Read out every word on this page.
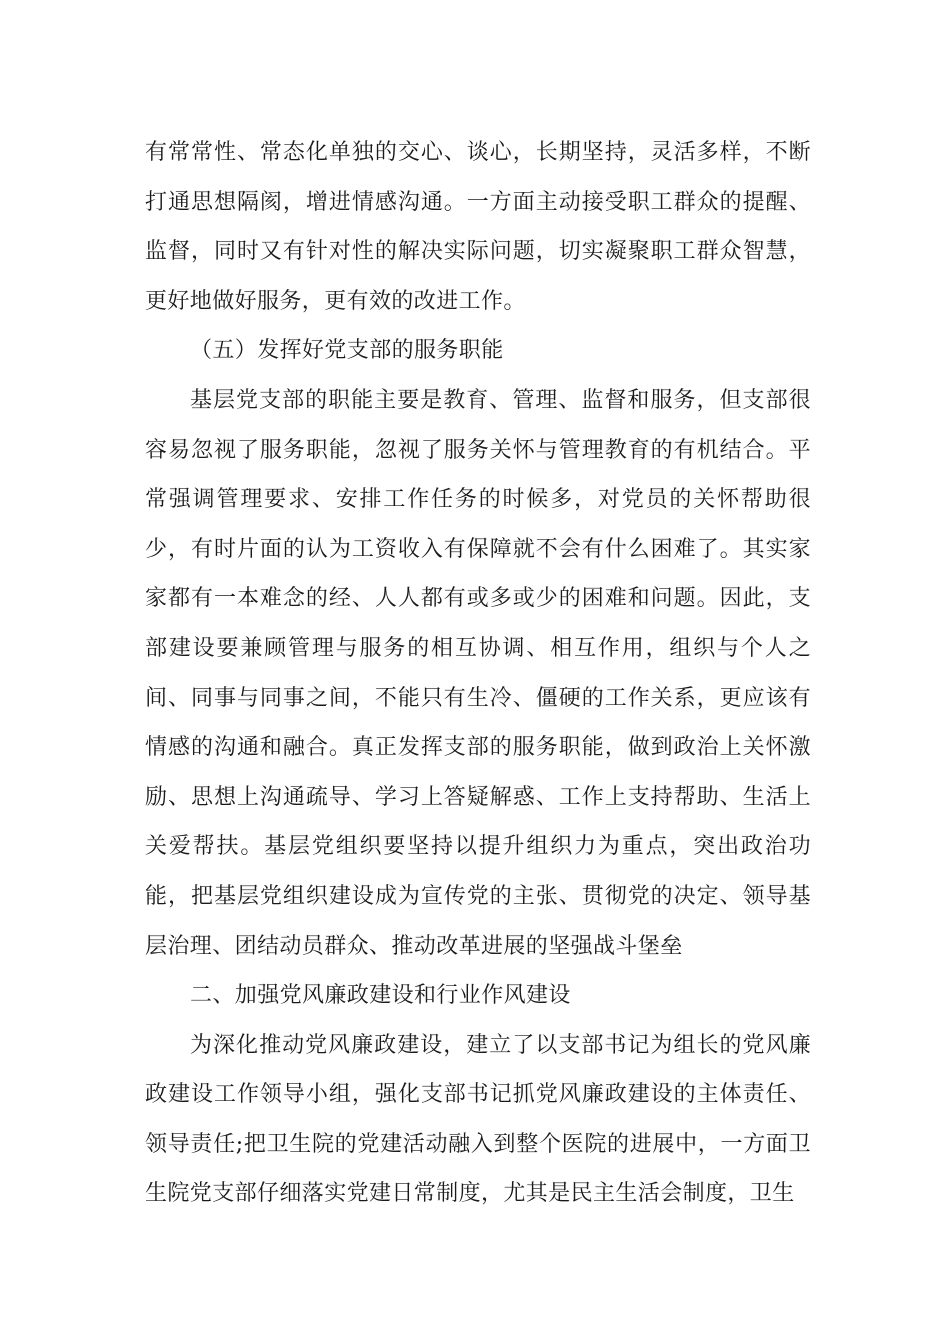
有常常性、常态化单独的交心、谈心，长期坚持，灵活多样，不断打通思想隔阂，增进情感沟通。一方面主动接受职工群众的提醒、监督，同时又有针对性的解决实际问题，切实凝聚职工群众智慧，更好地做好服务，更有效的改进工作。

（五）发挥好党支部的服务职能

基层党支部的职能主要是教育、管理、监督和服务，但支部很容易忽视了服务职能，忽视了服务关怀与管理教育的有机结合。平常强调管理要求、安排工作任务的时候多，对党员的关怀帮助很少，有时片面的认为工资收入有保障就不会有什么困难了。其实家家都有一本难念的经、人人都有或多或少的困难和问题。因此，支部建设要兼顾管理与服务的相互协调、相互作用，组织与个人之间、同事与同事之间，不能只有生冷、僵硬的工作关系，更应该有情感的沟通和融合。真正发挥支部的服务职能，做到政治上关怀激励、思想上沟通疏导、学习上答疑解惑、工作上支持帮助、生活上关爱帮扶。基层党组织要坚持以提升组织力为重点，突出政治功能，把基层党组织建设成为宣传党的主张、贯彻党的决定、领导基层治理、团结动员群众、推动改革进展的坚强战斗堡垒

二、加强党风廉政建设和行业作风建设

为深化推动党风廉政建设，建立了以支部书记为组长的党风廉政建设工作领导小组，强化支部书记抓党风廉政建设的主体责任、领导责任;把卫生院的党建活动融入到整个医院的进展中，一方面卫生院党支部仔细落实党建日常制度，尤其是民主生活会制度，卫生
